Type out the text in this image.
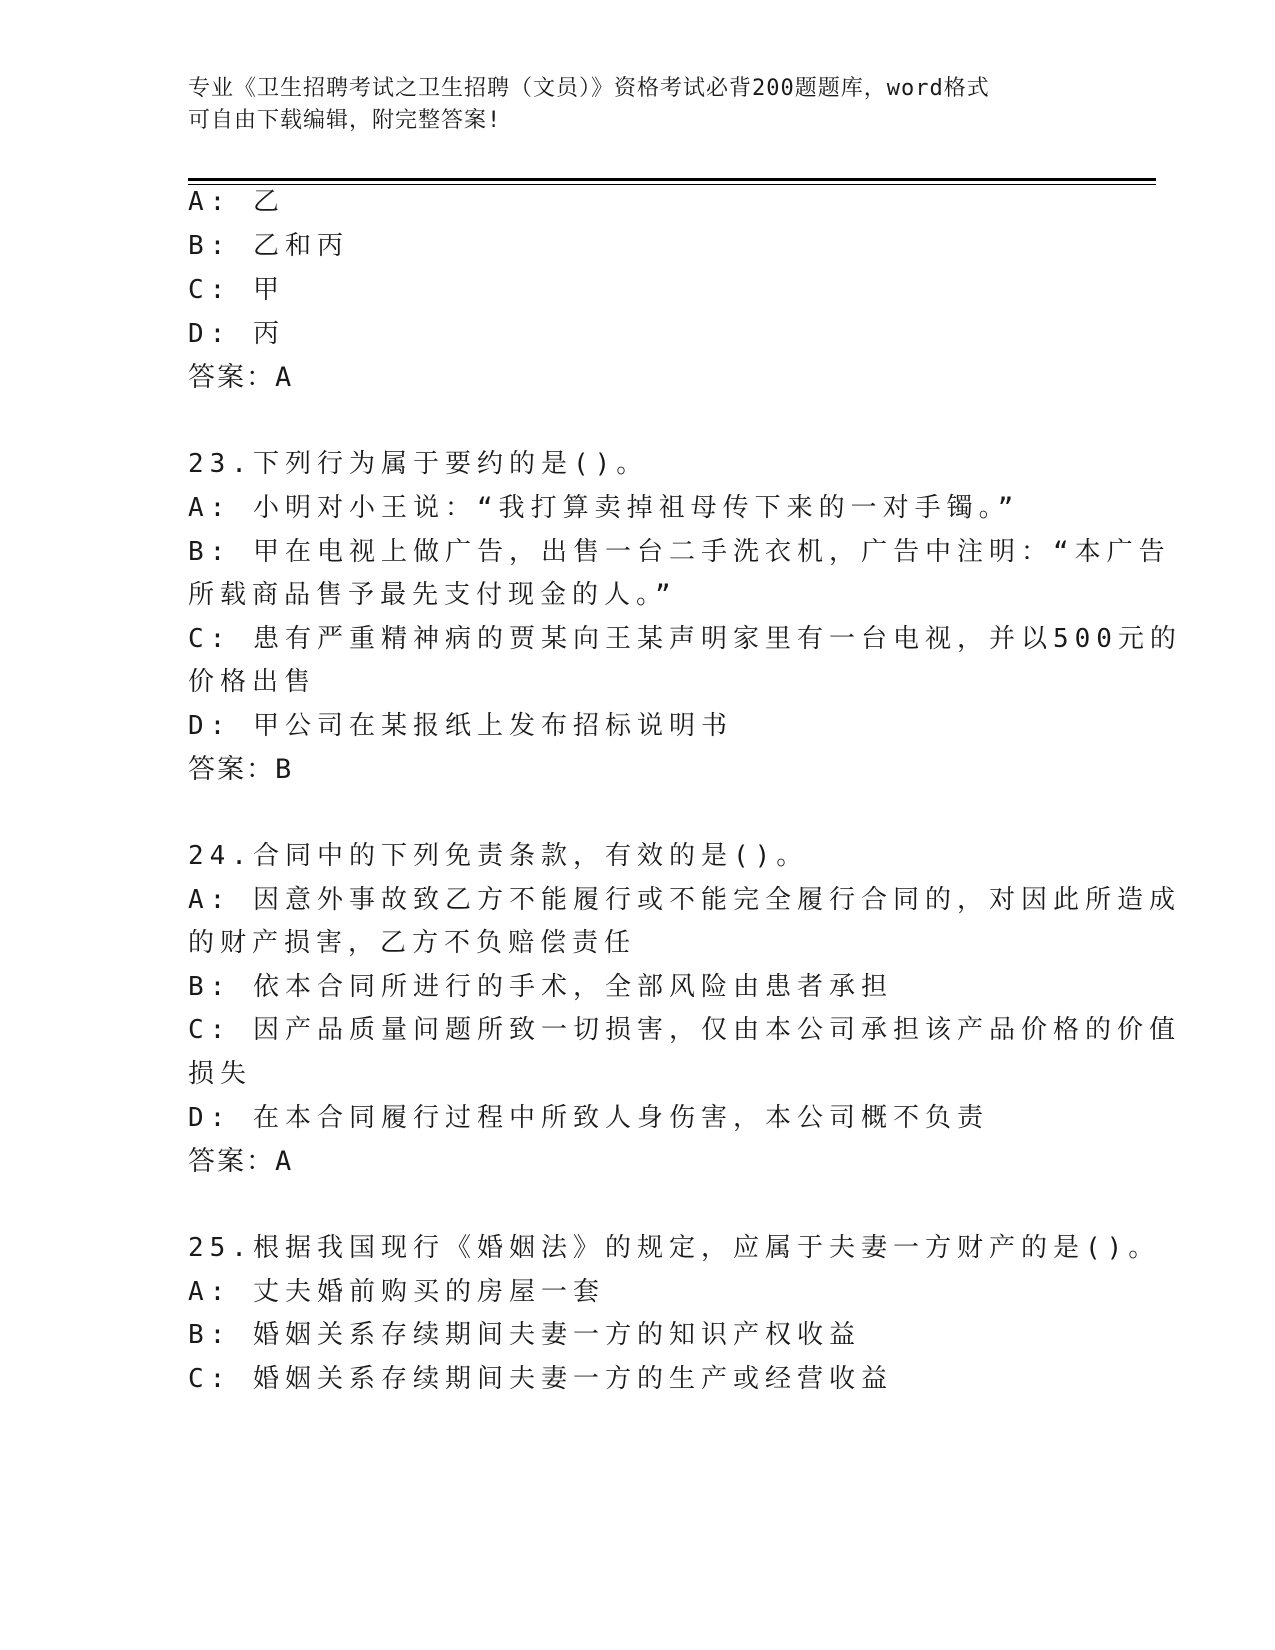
专业《卫生招聘考试之卫生招聘（文员）》资格考试必背200题题库，word格式
可自由下载编辑，附完整答案!
A: 乙
B: 乙和丙
C: 甲
D: 丙
答案：A
23.下列行为属于要约的是()。
A: 小明对小王说：“我打算卖掉祖母传下来的一对手镯。”
B: 甲在电视上做广告，出售一台二手洗衣机，广告中注明：“本广告
所载商品售予最先支付现金的人。”
C: 患有严重精神病的贾某向王某声明家里有一台电视，并以500元的
价格出售
D: 甲公司在某报纸上发布招标说明书
答案：B
24.合同中的下列免责条款，有效的是()。
A: 因意外事故致乙方不能履行或不能完全履行合同的，对因此所造成
的财产损害，乙方不负赔偿责任
B: 依本合同所进行的手术，全部风险由患者承担
C: 因产品质量问题所致一切损害，仅由本公司承担该产品价格的价值
损失
D: 在本合同履行过程中所致人身伤害，本公司概不负责
答案：A
25.根据我国现行《婚姻法》的规定，应属于夫妻一方财产的是()。
A: 丈夫婚前购买的房屋一套
B: 婚姻关系存续期间夫妻一方的知识产权收益
C: 婚姻关系存续期间夫妻一方的生产或经营收益
